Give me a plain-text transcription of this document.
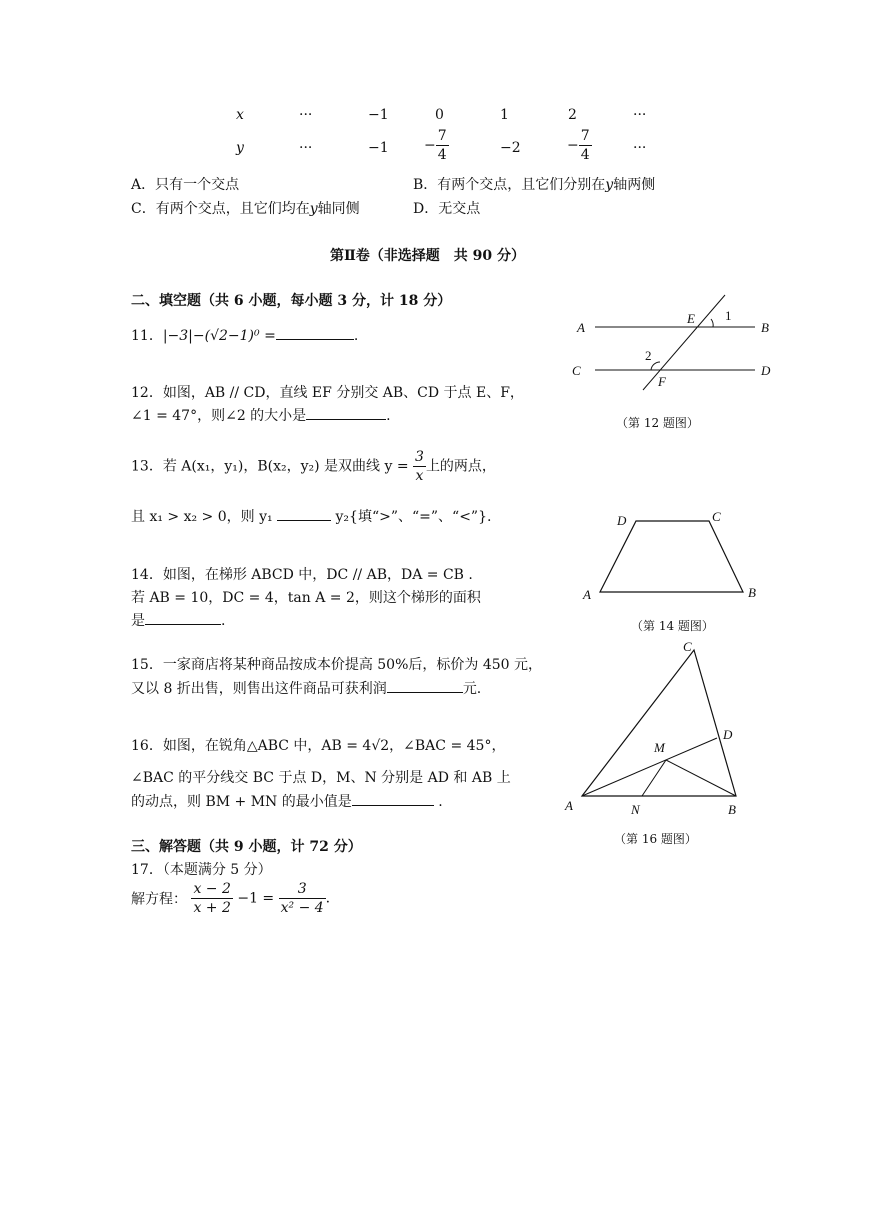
x	···	−1	0	1	2	···
y	···	−1	− $\frac{7}{4}$	−2	− $\frac{7}{4}$	···
A．只有一个交点	B．有两个交点，且它们分别在y轴两侧
C．有两个交点，且它们均在y轴同侧	D．无交点
第Ⅱ卷（非选择题　共 90 分）
二、填空题（共 6 小题，每小题 3 分，计 18 分）
11．|−3|−(√2−1)⁰ =	.
12．如图，AB // CD，直线 EF 分别交 AB、CD 于点 E、F，
∠1 = 47°，则∠2 的大小是	.
A	B
C	D
E
F
1
2
（第 12 题图）
13．若 A(x₁，y₁)，B(x₂，y₂) 是双曲线 $y = \frac{3}{x}$ 上的两点，
且 x₁ > x₂ > 0，则 y₁	y₂{填“>”、“=”、“<”}.
A	B
C
D
14．如图，在梯形 ABCD 中，DC // AB，DA = CB .
若 AB = 10，DC = 4，tan A = 2，则这个梯形的面积
是	.	（第 14 题图）
15．一家商店将某种商品按成本价提高 50%后，标价为 450 元，
又以 8 折出售，则售出这件商品可获利润	元.
A	B
C
D
M
N
（第 16 题图）
16．如图，在锐角△ABC 中，AB = 4√2，∠BAC = 45°，
∠BAC 的平分线交 BC 于点 D，M、N 分别是 AD 和 AB 上
的动点，则 BM + MN 的最小值是	.
三、解答题（共 9 小题，计 72 分）
17．（本题满分 5 分）
解方程： $\frac{x - 2}{x + 2} -1 = \frac{3}{\text{x² − 4}}$ .
